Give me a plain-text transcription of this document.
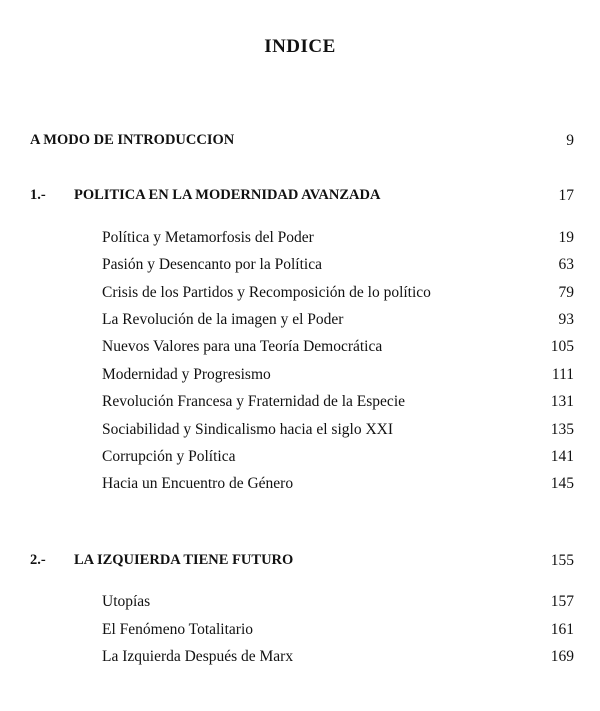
INDICE
A MODO DE INTRODUCCION	9
1.- POLITICA EN LA MODERNIDAD AVANZADA	17
Política y Metamorfosis del Poder	19
Pasión y Desencanto por la Política	63
Crisis de los Partidos y Recomposición de lo político	79
La Revolución de la imagen y el Poder	93
Nuevos Valores para una Teoría Democrática	105
Modernidad y Progresismo	111
Revolución Francesa y Fraternidad de la Especie	131
Sociabilidad y Sindicalismo hacia el siglo XXI	135
Corrupción y Política	141
Hacia un Encuentro de Género	145
2.- LA IZQUIERDA TIENE FUTURO	155
Utopías	157
El Fenómeno Totalitario	161
La Izquierda Después de Marx	169
